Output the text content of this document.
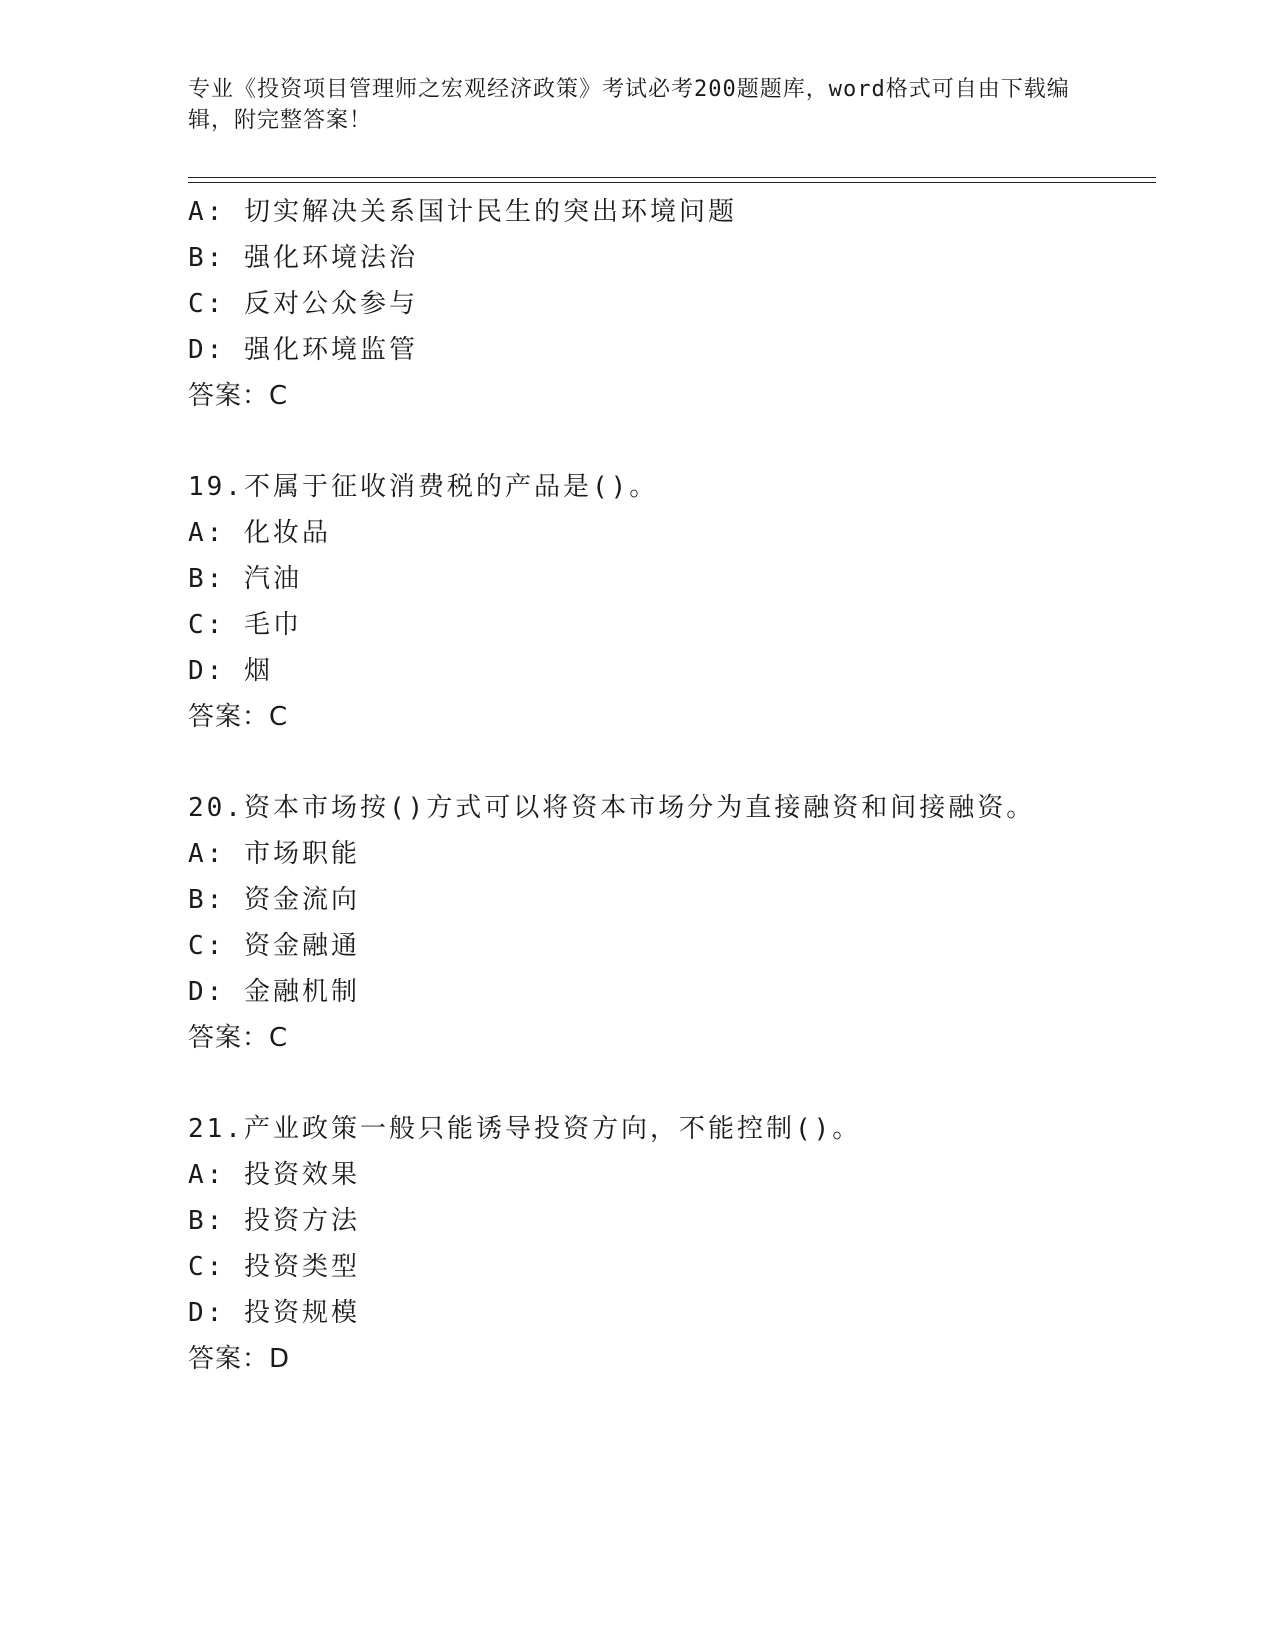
专业《投资项目管理师之宏观经济政策》考试必考200题题库，word格式可自由下载编辑，附完整答案！
A: 切实解决关系国计民生的突出环境问题
B: 强化环境法治
C: 反对公众参与
D: 强化环境监管
答案：C
19.不属于征收消费税的产品是()。
A: 化妆品
B: 汽油
C: 毛巾
D: 烟
答案：C
20.资本市场按()方式可以将资本市场分为直接融资和间接融资。
A: 市场职能
B: 资金流向
C: 资金融通
D: 金融机制
答案：C
21.产业政策一般只能诱导投资方向，不能控制()。
A: 投资效果
B: 投资方法
C: 投资类型
D: 投资规模
答案：D
